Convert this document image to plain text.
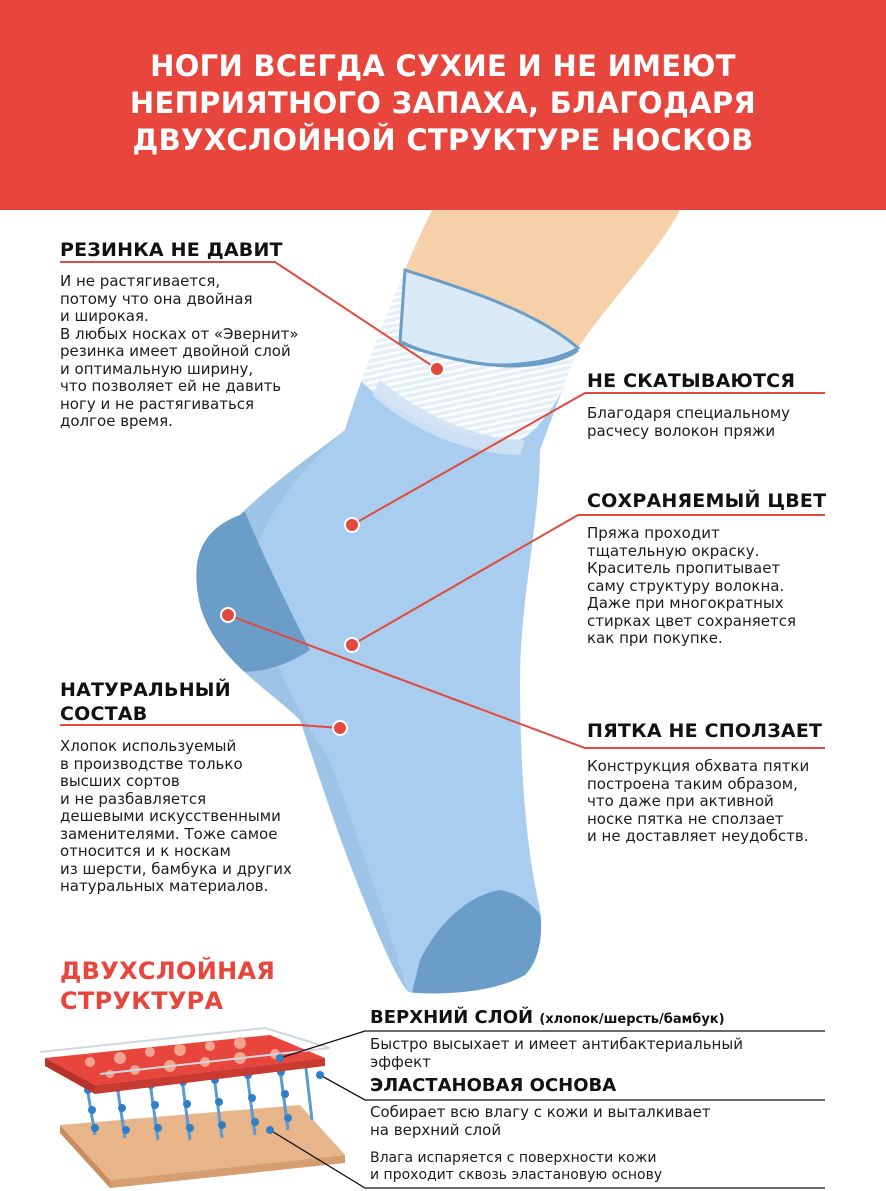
НОГИ ВСЕГДА СУХИЕ И НЕ ИМЕЮТ
НЕПРИЯТНОГО ЗАПАХА, БЛАГОДАРЯ
ДВУХСЛОЙНОЙ СТРУКТУРЕ НОСКОВ
РЕЗИНКА НЕ ДАВИТ
И не растягивается,
потому что она двойная
и широкая.
В любых носках от «Эвернит»
резинка имеет двойной слой
и оптимальную ширину,
что позволяет ей не давить
ногу и не растягиваться
долгое время.
НЕ СКАТЫВАЮТСЯ
Благодаря специальному
расчесу волокон пряжи
СОХРАНЯЕМЫЙ ЦВЕТ
Пряжа проходит
тщательную окраску.
Краситель пропитывает
саму структуру волокна.
Даже при многократных
стирках цвет сохраняется
как при покупке.
НАТУРАЛЬНЫЙ
СОСТАВ
Хлопок используемый
в производстве только
высших сортов
и не разбавляется
дешевыми искусственными
заменителями. Тоже самое
относится и к носкам
из шерсти, бамбука и других
натуральных материалов.
ПЯТКА НЕ СПОЛЗАЕТ
Конструкция обхвата пятки
построена таким образом,
что даже при активной
носке пятка не сползает
и не доставляет неудобств.
ДВУХСЛОЙНАЯ
СТРУКТУРА
ВЕРХНИЙ СЛОЙ (хлопок/шерсть/бамбук)
Быстро высыхает и имеет антибактериальный
эффект
ЭЛАСТАНОВАЯ ОСНОВА
Собирает всю влагу с кожи и выталкивает
на верхний слой
Влага испаряется с поверхности кожи
и проходит сквозь эластановую основу
